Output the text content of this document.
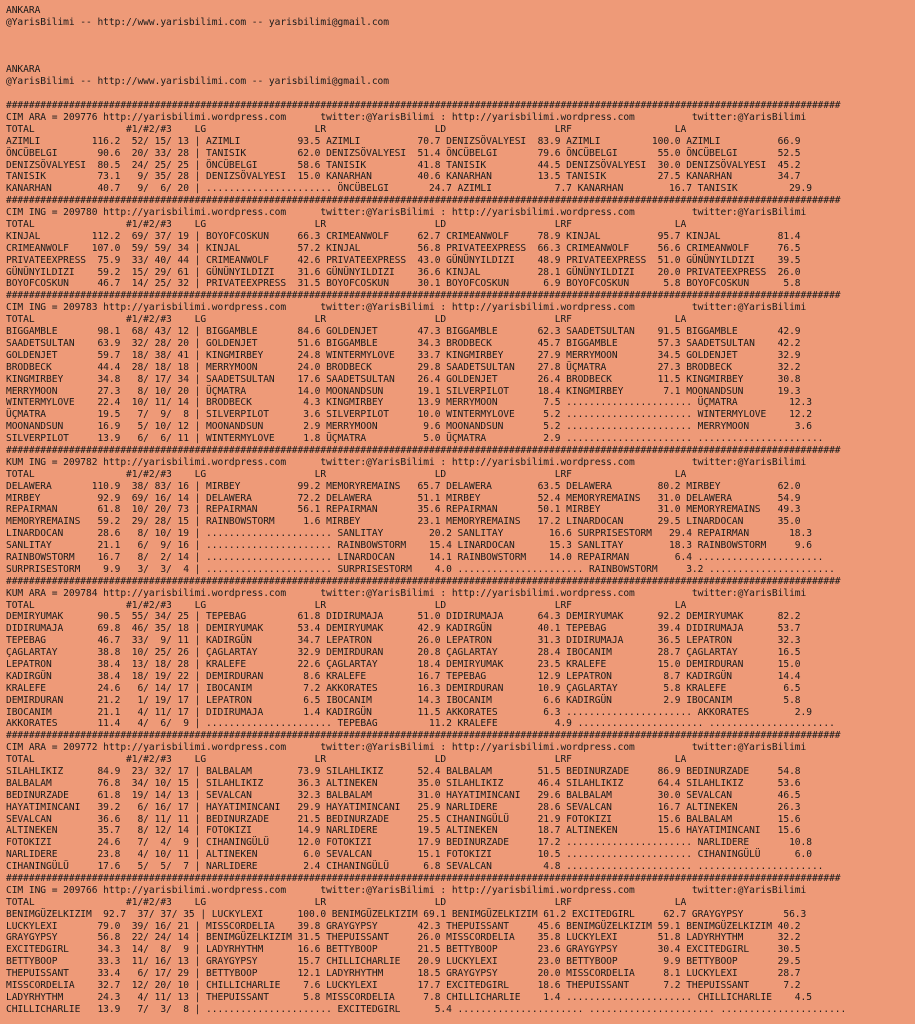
ANKARA
@YarisBilimi -- http://www.yarisbilimi.com -- yarisbilimi@gmail.com

ANKARA
@YarisBilimi -- http://www.yarisbilimi.com -- yarisbilimi@gmail.com

##################################################################################################################################################
CIM ARA = 209776 http://yarisbilimi.wordpress.com      twitter:@YarisBilimi : http://yarisbilimi.wordpress.com          twitter:@YarisBilimi
TOTAL                #1/#2/#3    LG                   LR                   LD                   LRF                  LA
AZIMLI         116.2  52/ 15/ 13 | AZIMLI          93.5 AZIMLI          70.7 DENIZSÖVALYESI  83.9 AZIMLI         100.0 AZIMLI          66.9
ÖNCÜBELGI       90.6  20/ 33/ 28 | TANISIK         62.0 DENIZSÖVALYESI  51.4 ÖNCÜBELGI       79.6 ÖNCÜBELGI       55.0 ÖNCÜBELGI       52.5
DENIZSÖVALYESI  80.5  24/ 25/ 25 | ÖNCÜBELGI       58.6 TANISIK         41.8 TANISIK         44.5 DENIZSÖVALYESI  30.0 DENIZSÖVALYESI  45.2
TANISIK         73.1   9/ 35/ 28 | DENIZSÖVALYESI  15.0 KANARHAN        40.6 KANARHAN        13.5 TANISIK         27.5 KANARHAN        34.7
KANARHAN        40.7   9/  6/ 20 | ...................... ÖNCÜBELGI       24.7 AZIMLI           7.7 KANARHAN        16.7 TANISIK         29.9
##################################################################################################################################################
CIM ING = 209780 http://yarisbilimi.wordpress.com      twitter:@YarisBilimi : http://yarisbilimi.wordpress.com          twitter:@YarisBilimi
TOTAL                #1/#2/#3    LG                   LR                   LD                   LRF                  LA
KINJAL         112.2  69/ 37/ 19 | BOYOFCOSKUN     66.3 CRIMEANWOLF     62.7 CRIMEANWOLF     78.9 KINJAL          95.7 KINJAL          81.4
CRIMEANWOLF    107.0  59/ 59/ 34 | KINJAL          57.2 KINJAL          56.8 PRIVATEEXPRESS  66.3 CRIMEANWOLF     56.6 CRIMEANWOLF     76.5
PRIVATEEXPRESS  75.9  33/ 40/ 44 | CRIMEANWOLF     42.6 PRIVATEEXPRESS  43.0 GÜNÜNYILDIZI    48.9 PRIVATEEXPRESS  51.0 GÜNÜNYILDIZI    39.5
GÜNÜNYILDIZI    59.2  15/ 29/ 61 | GÜNÜNYILDIZI    31.6 GÜNÜNYILDIZI    36.6 KINJAL          28.1 GÜNÜNYILDIZI    20.0 PRIVATEEXPRESS  26.0
BOYOFCOSKUN     46.7  14/ 25/ 32 | PRIVATEEXPRESS  31.5 BOYOFCOSKUN     30.1 BOYOFCOSKUN      6.9 BOYOFCOSKUN      5.8 BOYOFCOSKUN      5.8
##################################################################################################################################################
CIM ING = 209783 http://yarisbilimi.wordpress.com      twitter:@YarisBilimi : http://yarisbilimi.wordpress.com          twitter:@YarisBilimi
TOTAL                #1/#2/#3    LG                   LR                   LD                   LRF                  LA
BIGGAMBLE       98.1  68/ 43/ 12 | BIGGAMBLE       84.6 GOLDENJET       47.3 BIGGAMBLE       62.3 SAADETSULTAN    91.5 BIGGAMBLE       42.9
SAADETSULTAN    63.9  32/ 28/ 20 | GOLDENJET       51.6 BIGGAMBLE       34.3 BRODBECK        45.7 BIGGAMBLE       57.3 SAADETSULTAN    42.2
GOLDENJET       59.7  18/ 38/ 41 | KINGMIRBEY      24.8 WINTERMYLOVE    33.7 KINGMIRBEY      27.9 MERRYMOON       34.5 GOLDENJET       32.9
BRODBECK        44.4  28/ 18/ 18 | MERRYMOON       24.0 BRODBECK        29.8 SAADETSULTAN    27.8 ÜÇMATRA         27.3 BRODBECK        32.2
KINGMIRBEY      34.8   8/ 17/ 34 | SAADETSULTAN    17.6 SAADETSULTAN    26.4 GOLDENJET       26.4 BRODBECK        11.5 KINGMIRBEY      30.8
MERRYMOON       27.3   8/ 10/ 20 | ÜÇMATRA         14.0 MOONANDSUN      19.1 SILVERPILOT     18.4 KINGMIRBEY       7.1 MOONANDSUN      19.3
WINTERMYLOVE    22.4  10/ 11/ 14 | BRODBECK         4.3 KINGMIRBEY      13.9 MERRYMOON        7.5 ...................... ÜÇMATRA         12.3
ÜÇMATRA         19.5   7/  9/  8 | SILVERPILOT      3.6 SILVERPILOT     10.0 WINTERMYLOVE     5.2 ...................... WINTERMYLOVE    12.2
MOONANDSUN      16.9   5/ 10/ 12 | MOONANDSUN       2.9 MERRYMOON        9.6 MOONANDSUN       5.2 ...................... MERRYMOON        3.6
SILVERPILOT     13.9   6/  6/ 11 | WINTERMYLOVE     1.8 ÜÇMATRA          5.0 ÜÇMATRA          2.9 ...................... ......................
##################################################################################################################################################
KUM ING = 209782 http://yarisbilimi.wordpress.com      twitter:@YarisBilimi : http://yarisbilimi.wordpress.com          twitter:@YarisBilimi
TOTAL                #1/#2/#3    LG                   LR                   LD                   LRF                  LA
DELAWERA       110.9  38/ 83/ 16 | MIRBEY          99.2 MEMORYREMAINS   65.7 DELAWERA        63.5 DELAWERA        80.2 MIRBEY          62.0
MIRBEY          92.9  69/ 16/ 14 | DELAWERA        72.2 DELAWERA        51.1 MIRBEY          52.4 MEMORYREMAINS   31.0 DELAWERA        54.9
REPAIRMAN       61.8  10/ 20/ 73 | REPAIRMAN       56.1 REPAIRMAN       35.6 REPAIRMAN       50.1 MIRBEY          31.0 MEMORYREMAINS   49.3
MEMORYREMAINS   59.2  29/ 28/ 15 | RAINBOWSTORM     1.6 MIRBEY          23.1 MEMORYREMAINS   17.2 LINARDOCAN      29.5 LINARDOCAN      35.0
LINARDOCAN      28.6   8/ 10/ 19 | ...................... SANLITAY        20.2 SANLITAY        16.6 SURPRISESTORM   29.4 REPAIRMAN       18.3
SANLITAY        21.1   6/  9/ 16 | ...................... RAINBOWSTORM    15.4 LINARDOCAN      15.3 SANLITAY        18.3 RAINBOWSTORM     9.6
RAINBOWSTORM    16.7   8/  2/ 14 | ...................... LINARDOCAN      14.1 RAINBOWSTORM    14.0 REPAIRMAN        6.4 ......................
SURPRISESTORM    9.9   3/  3/  4 | ...................... SURPRISESTORM    4.0 ...................... RAINBOWSTORM     3.2 ......................
##################################################################################################################################################
KUM ARA = 209784 http://yarisbilimi.wordpress.com      twitter:@YarisBilimi : http://yarisbilimi.wordpress.com          twitter:@YarisBilimi
TOTAL                #1/#2/#3    LG                   LR                   LD                   LRF                  LA
DEMIRYUMAK      90.5  55/ 34/ 25 | TEPEBAG         61.8 DIDIRUMAJA      51.0 DIDIRUMAJA      64.3 DEMIRYUMAK      92.2 DEMIRYUMAK      82.2
DIDIRUMAJA      69.8  46/ 35/ 18 | DEMIRYUMAK      53.4 DEMIRYUMAK      42.9 KADIRGÜN        40.1 TEPEBAG         39.4 DIDIRUMAJA      53.7
TEPEBAG         46.7  33/  9/ 11 | KADIRGÜN        34.7 LEPATRON        26.0 LEPATRON        31.3 DIDIRUMAJA      36.5 LEPATRON        32.3
ÇAGLARTAY       38.8  10/ 25/ 26 | ÇAGLARTAY       32.9 DEMIRDURAN      20.8 ÇAGLARTAY       28.4 IBOCANIM        28.7 ÇAGLARTAY       16.5
LEPATRON        38.4  13/ 18/ 28 | KRALEFE         22.6 ÇAGLARTAY       18.4 DEMIRYUMAK      23.5 KRALEFE         15.0 DEMIRDURAN      15.0
KADIRGÜN        38.4  18/ 19/ 22 | DEMIRDURAN       8.6 KRALEFE         16.7 TEPEBAG         12.9 LEPATRON         8.7 KADIRGÜN        14.4
KRALEFE         24.6   6/ 14/ 17 | IBOCANIM         7.2 AKKORATES       16.3 DEMIRDURAN      10.9 ÇAGLARTAY        5.8 KRALEFE          6.5
DEMIRDURAN      21.2   1/ 19/ 17 | LEPATRON         6.5 IBOCANIM        14.3 IBOCANIM         6.6 KADIRGÜN         2.9 IBOCANIM         5.8
IBOCANIM        21.1   4/ 11/ 17 | DIDIRUMAJA       1.4 KADIRGÜN        11.5 AKKORATES        6.3 ...................... AKKORATES        2.9
AKKORATES       11.4   4/  6/  9 | ...................... TEPEBAG         11.2 KRALEFE          4.9 ...................... ......................
##################################################################################################################################################
CIM ARA = 209772 http://yarisbilimi.wordpress.com      twitter:@YarisBilimi : http://yarisbilimi.wordpress.com          twitter:@YarisBilimi
TOTAL                #1/#2/#3    LG                   LR                   LD                   LRF                  LA
SILAHLIKIZ      84.9  23/ 32/ 17 | BALBALAM        73.9 SILAHLIKIZ      52.4 BALBALAM        51.5 BEDINURZADE     86.9 BEDINURZADE     54.8
BALBALAM        76.8  34/ 10/ 15 | SILAHLIKIZ      36.3 ALTINEKEN       35.0 SILAHLIKIZ      46.4 SILAHLIKIZ      64.4 SILAHLIKIZ      53.6
BEDINURZADE     61.8  19/ 14/ 13 | SEVALCAN        32.3 BALBALAM        31.0 HAYATIMINCANI   29.6 BALBALAM        30.0 SEVALCAN        46.5
HAYATIMINCANI   39.2   6/ 16/ 17 | HAYATIMINCANI   29.9 HAYATIMINCANI   25.9 NARLIDERE       28.6 SEVALCAN        16.7 ALTINEKEN       26.3
SEVALCAN        36.6   8/ 11/ 11 | BEDINURZADE     21.5 BEDINURZADE     25.5 CIHANINGÜLÜ     21.9 FOTOKIZI        15.6 BALBALAM        15.6
ALTINEKEN       35.7   8/ 12/ 14 | FOTOKIZI        14.9 NARLIDERE       19.5 ALTINEKEN       18.7 ALTINEKEN       15.6 HAYATIMINCANI   15.6
FOTOKIZI        24.6   7/  4/  9 | CIHANINGÜLÜ     12.0 FOTOKIZI        17.9 BEDINURZADE     17.2 ...................... NARLIDERE       10.8
NARLIDERE       23.8   4/ 10/ 11 | ALTINEKEN        6.0 SEVALCAN        15.1 FOTOKIZI        10.5 ...................... CIHANINGÜLÜ      6.0
CIHANINGÜLÜ     17.6   5/  5/  7 | NARLIDERE        2.4 CIHANINGÜLÜ      6.8 SEVALCAN         4.8 ...................... ......................
##################################################################################################################################################
CIM ING = 209766 http://yarisbilimi.wordpress.com      twitter:@YarisBilimi : http://yarisbilimi.wordpress.com          twitter:@YarisBilimi
TOTAL                #1/#2/#3    LG                   LR                   LD                   LRF                  LA
BENIMGÜZELKIZIM  92.7  37/ 37/ 35 | LUCKYLEXI      100.0 BENIMGÜZELKIZIM 69.1 BENIMGÜZELKIZIM 61.2 EXCITEDGIRL     62.7 GRAYGYPSY       56.3
LUCKYLEXI       79.0  39/ 16/ 21 | MISSCORDELIA    39.8 GRAYGYPSY       42.3 THEPUISSANT     45.6 BENIMGÜZELKIZIM 59.1 BENIMGÜZELKIZIM 40.2
GRAYGYPSY       56.8  22/ 24/ 14 | BENIMGÜZELKIZIM 31.5 THEPUISSANT     26.0 MISSCORDELIA    35.8 LUCKYLEXI       51.8 LADYRHYTHM      32.2
EXCITEDGIRL     34.3  14/  8/  9 | LADYRHYTHM      16.6 BETTYBOOP       21.5 BETTYBOOP       23.6 GRAYGYPSY       30.4 EXCITEDGIRL     30.5
BETTYBOOP       33.3  11/ 16/ 13 | GRAYGYPSY       15.7 CHILLICHARLIE   20.9 LUCKYLEXI       23.0 BETTYBOOP        9.9 BETTYBOOP       29.5
THEPUISSANT     33.4   6/ 17/ 29 | BETTYBOOP       12.1 LADYRHYTHM      18.5 GRAYGYPSY       20.0 MISSCORDELIA     8.1 LUCKYLEXI       28.7
MISSCORDELIA    32.7  12/ 20/ 10 | CHILLICHARLIE    7.6 LUCKYLEXI       17.7 EXCITEDGIRL     18.6 THEPUISSANT      7.2 THEPUISSANT      7.2
LADYRHYTHM      24.3   4/ 11/ 13 | THEPUISSANT      5.8 MISSCORDELIA     7.8 CHILLICHARLIE    1.4 ...................... CHILLICHARLIE    4.5
CHILLICHARLIE   13.9   7/  3/  8 | ...................... EXCITEDGIRL      5.4 ...................... ...................... ......................
